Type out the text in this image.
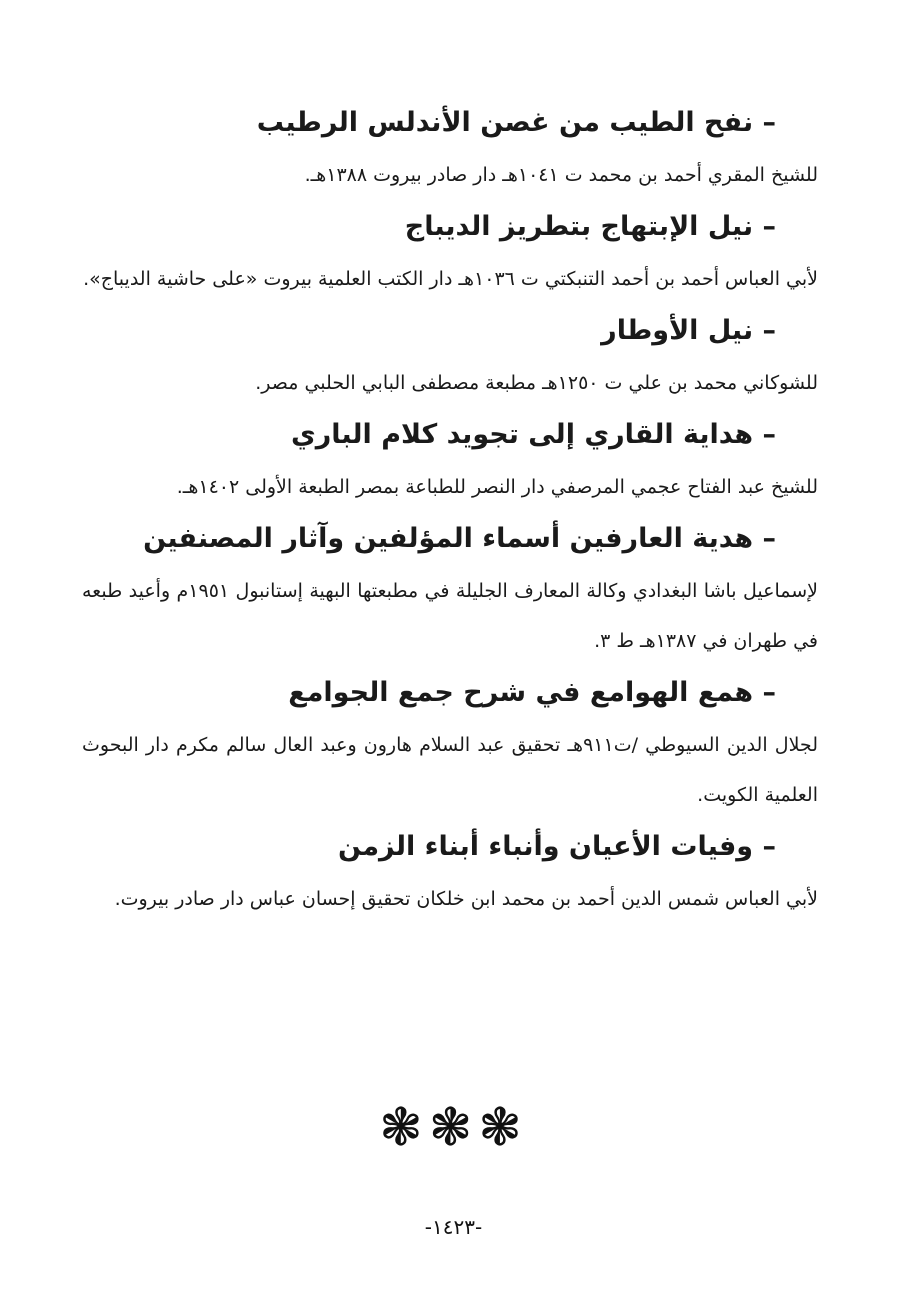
– نفح الطيب من غصن الأندلس الرطيب

للشيخ المقري أحمد بن محمد ت ١٠٤١هـ دار صادر بيروت ١٣٨٨هـ.

– نيل الإبتهاج بتطريز الديباج

لأبي العباس أحمد بن أحمد التنبكتي ت ١٠٣٦هـ دار الكتب العلمية بيروت «على حاشية الديباج».

– نيل الأوطار

للشوكاني محمد بن علي ت ١٢٥٠هـ مطبعة مصطفى البابي الحلبي مصر.

– هداية القاري إلى تجويد كلام الباري

للشيخ عبد الفتاح عجمي المرصفي دار النصر للطباعة بمصر الطبعة الأولى ١٤٠٢هـ.

– هدية العارفين أسماء المؤلفين وآثار المصنفين

لإسماعيل باشا البغدادي وكالة المعارف الجليلة في مطبعتها البهية إستانبول ١٩٥١م وأعيد طبعه في طهران في ١٣٨٧هـ ط ٣.

– همع الهوامع في شرح جمع الجوامع

لجلال الدين السيوطي /ت٩١١هـ تحقيق عبد السلام هارون وعبد العال سالم مكرم دار البحوث العلمية الكويت.

– وفيات الأعيان وأنباء أبناء الزمن

لأبي العباس شمس الدين أحمد بن محمد ابن خلكان تحقيق إحسان عباس دار صادر بيروت.

❃❃❃
-١٤٢٣-
